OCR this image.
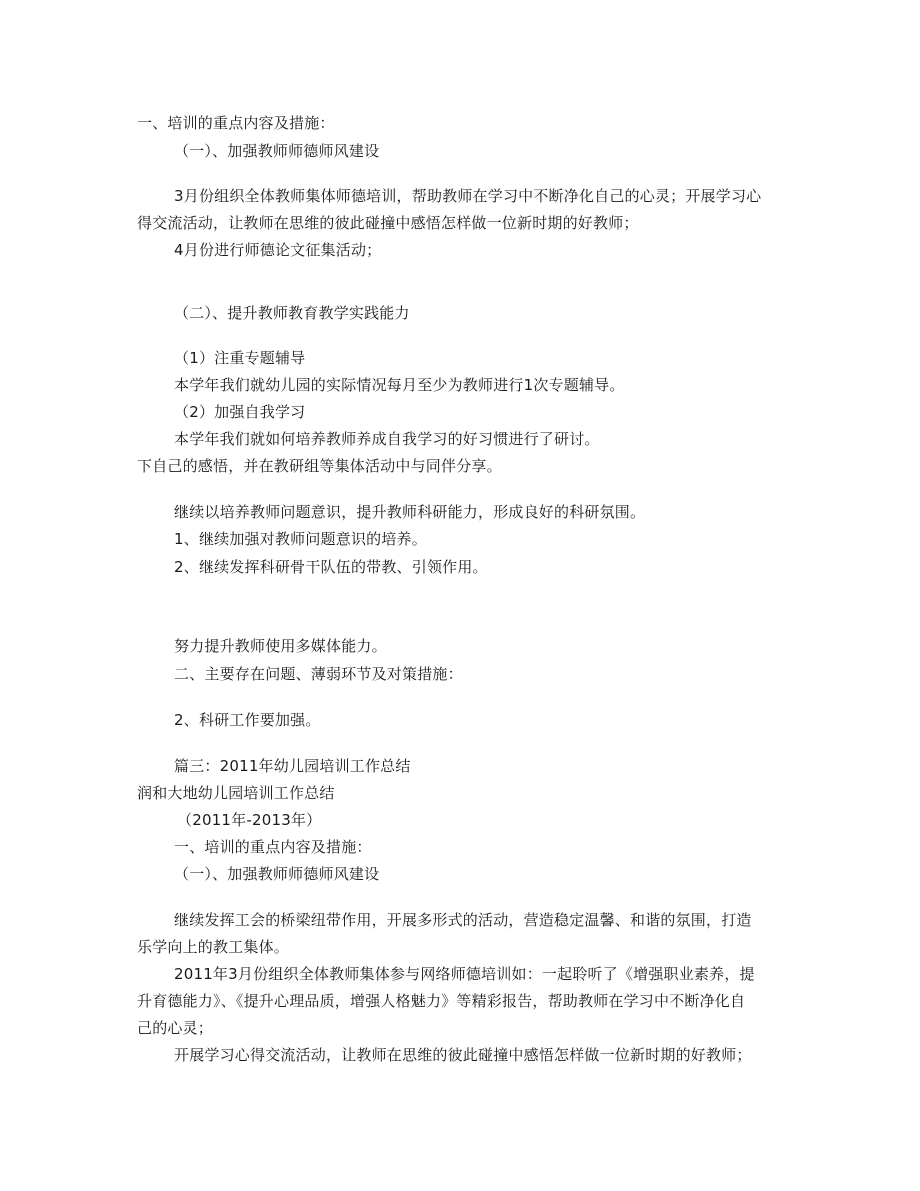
一、培训的重点内容及措施：
（一）、加强教师师德师风建设
3月份组织全体教师集体师德培训，帮助教师在学习中不断净化自己的心灵；开展学习心
得交流活动，让教师在思维的彼此碰撞中感悟怎样做一位新时期的好教师；
4月份进行师德论文征集活动；
（二）、提升教师教育教学实践能力
（1）注重专题辅导
本学年我们就幼儿园的实际情况每月至少为教师进行1次专题辅导。
（2）加强自我学习
本学年我们就如何培养教师养成自我学习的好习惯进行了研讨。
下自己的感悟，并在教研组等集体活动中与同伴分享。
继续以培养教师问题意识，提升教师科研能力，形成良好的科研氛围。
1、继续加强对教师问题意识的培养。
2、继续发挥科研骨干队伍的带教、引领作用。
努力提升教师使用多媒体能力。
二、主要存在问题、薄弱环节及对策措施：
2、科研工作要加强。
篇三：2011年幼儿园培训工作总结
润和大地幼儿园培训工作总结
（2011年-2013年）
一、培训的重点内容及措施：
（一）、加强教师师德师风建设
继续发挥工会的桥梁纽带作用，开展多形式的活动，营造稳定温馨、和谐的氛围，打造
乐学向上的教工集体。
2011年3月份组织全体教师集体参与网络师德培训如：一起聆听了《增强职业素养，提
升育德能力》、《提升心理品质，增强人格魅力》等精彩报告，帮助教师在学习中不断净化自
己的心灵；
开展学习心得交流活动，让教师在思维的彼此碰撞中感悟怎样做一位新时期的好教师；
